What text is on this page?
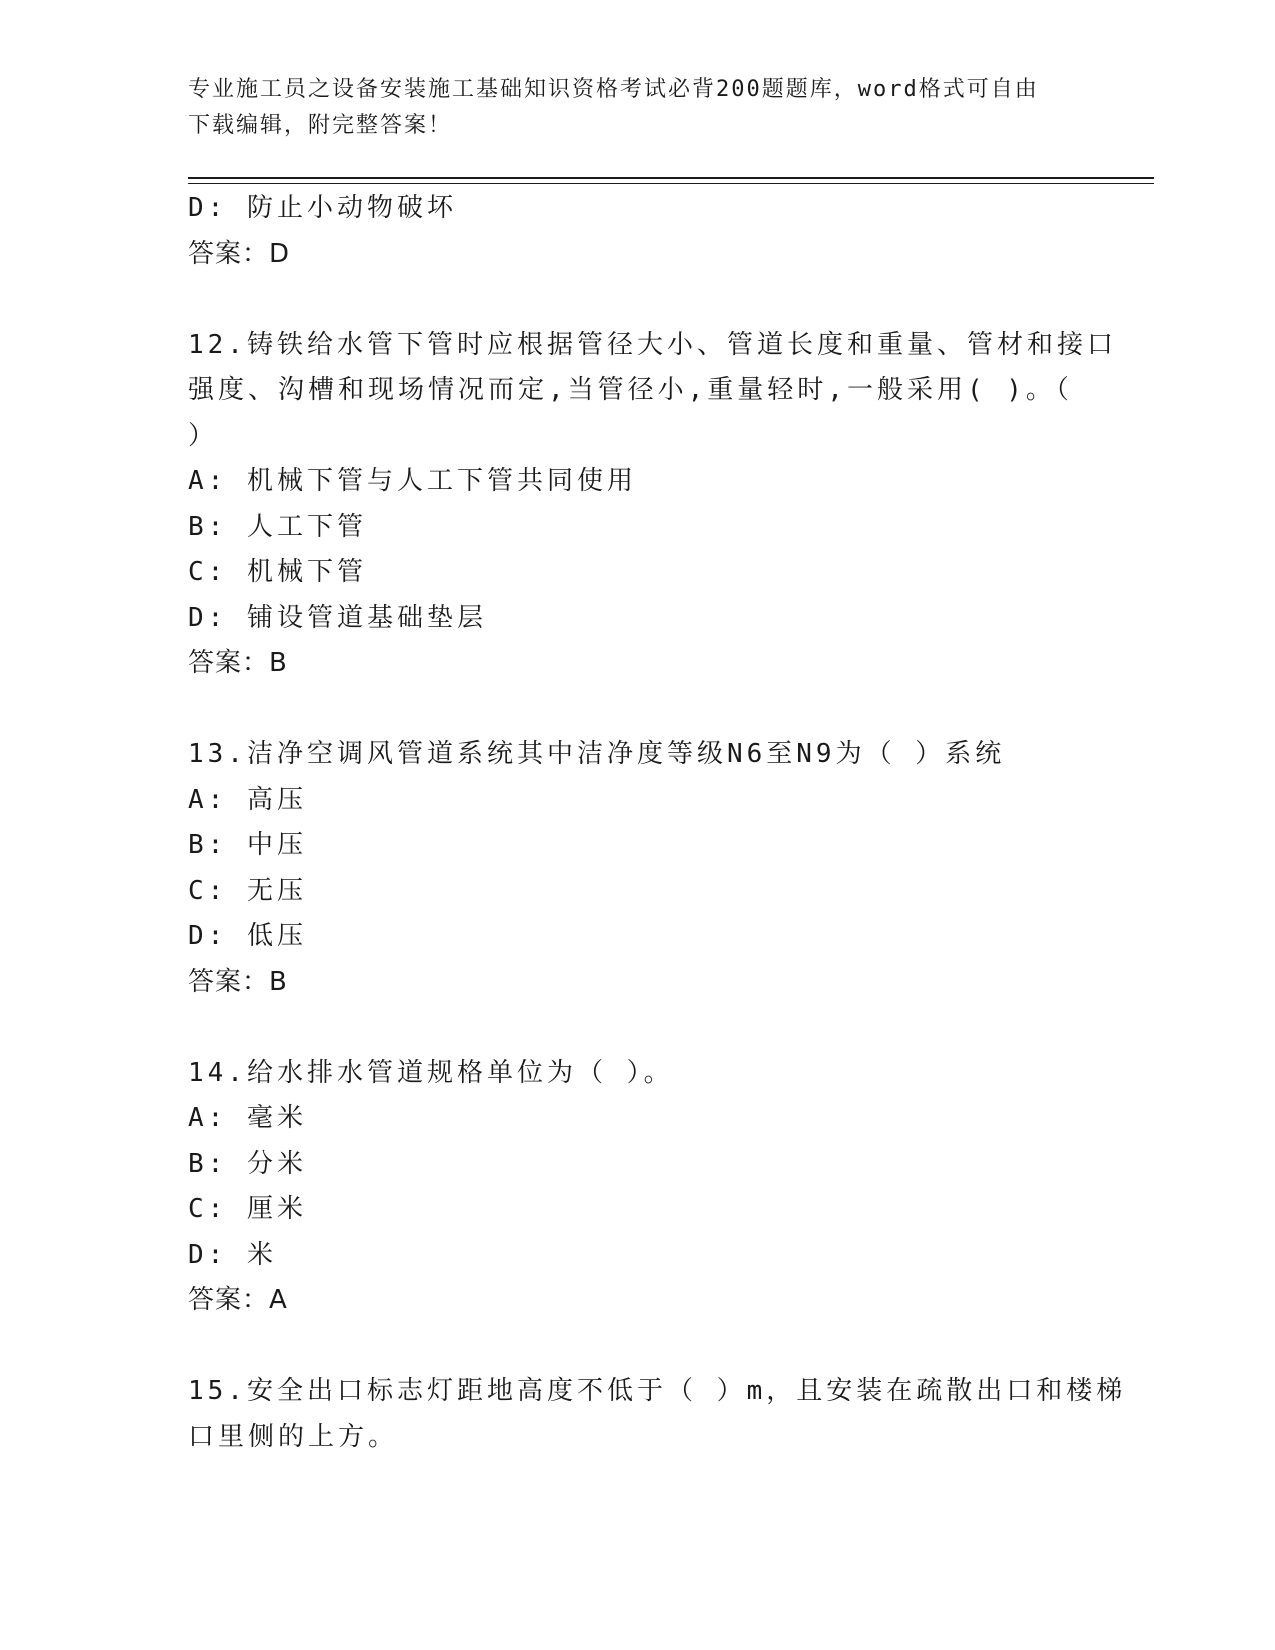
专业施工员之设备安装施工基础知识资格考试必背200题题库，word格式可自由
下载编辑，附完整答案！
D: 防止小动物破坏
答案：D
12.铸铁给水管下管时应根据管径大小、管道长度和重量、管材和接口
强度、沟槽和现场情况而定,当管径小,重量轻时,一般采用( )。（
）
A: 机械下管与人工下管共同使用
B: 人工下管
C: 机械下管
D: 铺设管道基础垫层
答案：B
13.洁净空调风管道系统其中洁净度等级N6至N9为（ ）系统
A: 高压
B: 中压
C: 无压
D: 低压
答案：B
14.给水排水管道规格单位为（ ）。
A: 毫米
B: 分米
C: 厘米
D: 米
答案：A
15.安全出口标志灯距地高度不低于（ ）m，且安装在疏散出口和楼梯
口里侧的上方。
